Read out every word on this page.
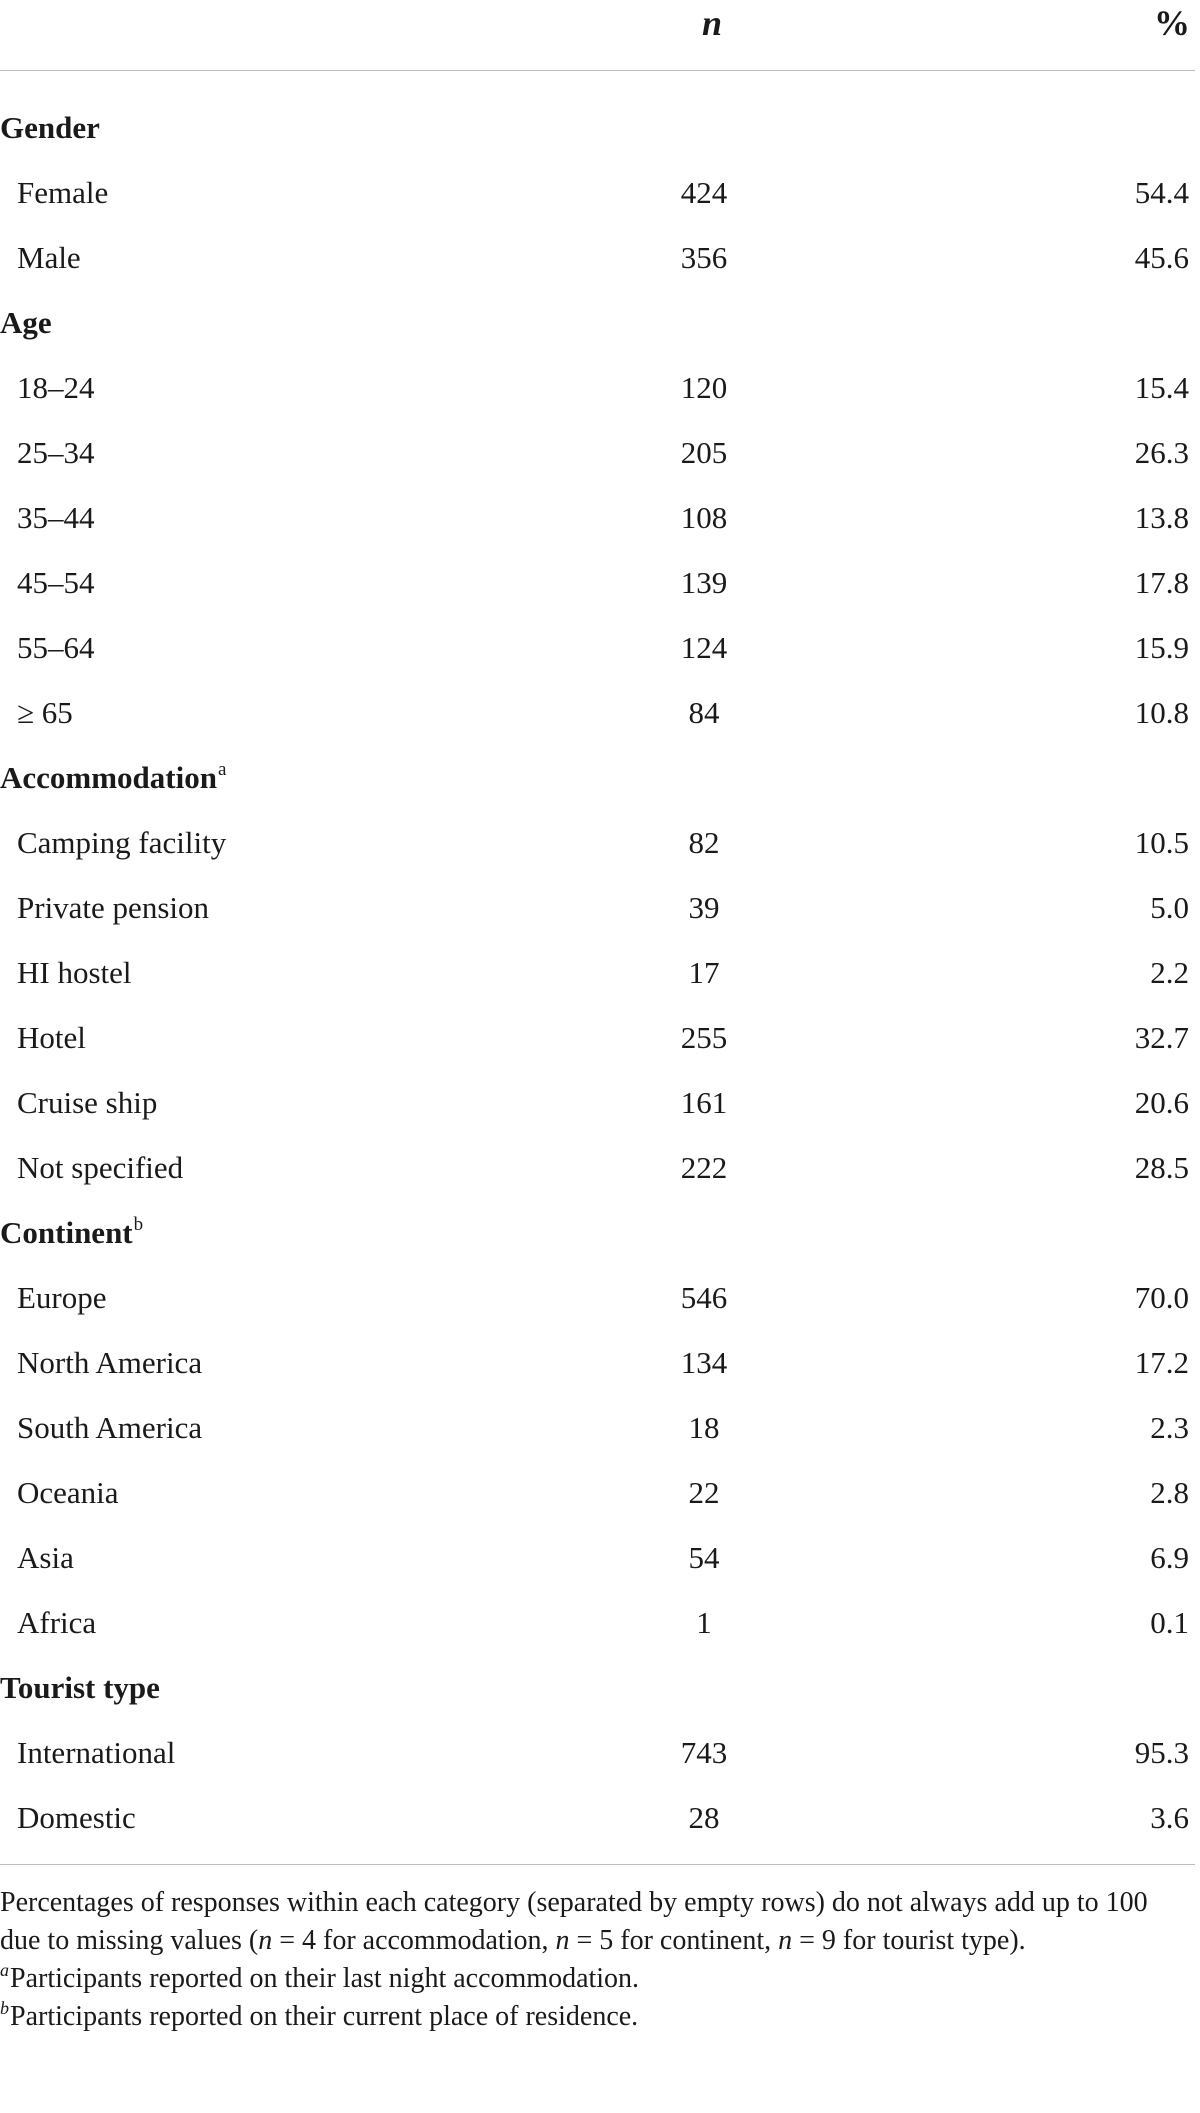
n	%
Gender
Female	424	54.4
Male	356	45.6
Age
18–24	120	15.4
25–34	205	26.3
35–44	108	13.8
45–54	139	17.8
55–64	124	15.9
≥ 65	84	10.8
Accommodation$^a$
Camping facility	82	10.5
Private pension	39	5.0
HI hostel	17	2.2
Hotel	255	32.7
Cruise ship	161	20.6
Not specified	222	28.5
Continent$^b$
Europe	546	70.0
North America	134	17.2
South America	18	2.3
Oceania	22	2.8
Asia	54	6.9
Africa	1	0.1
Tourist type
International	743	95.3
Domestic	28	3.6

Percentages of responses within each category (separated by empty rows) do not always add up to 100 due to missing values (n = 4 for accommodation, n = 5 for continent, n = 9 for tourist type).

$^a$Participants reported on their last night accommodation.

$^b$Participants reported on their current place of residence.
